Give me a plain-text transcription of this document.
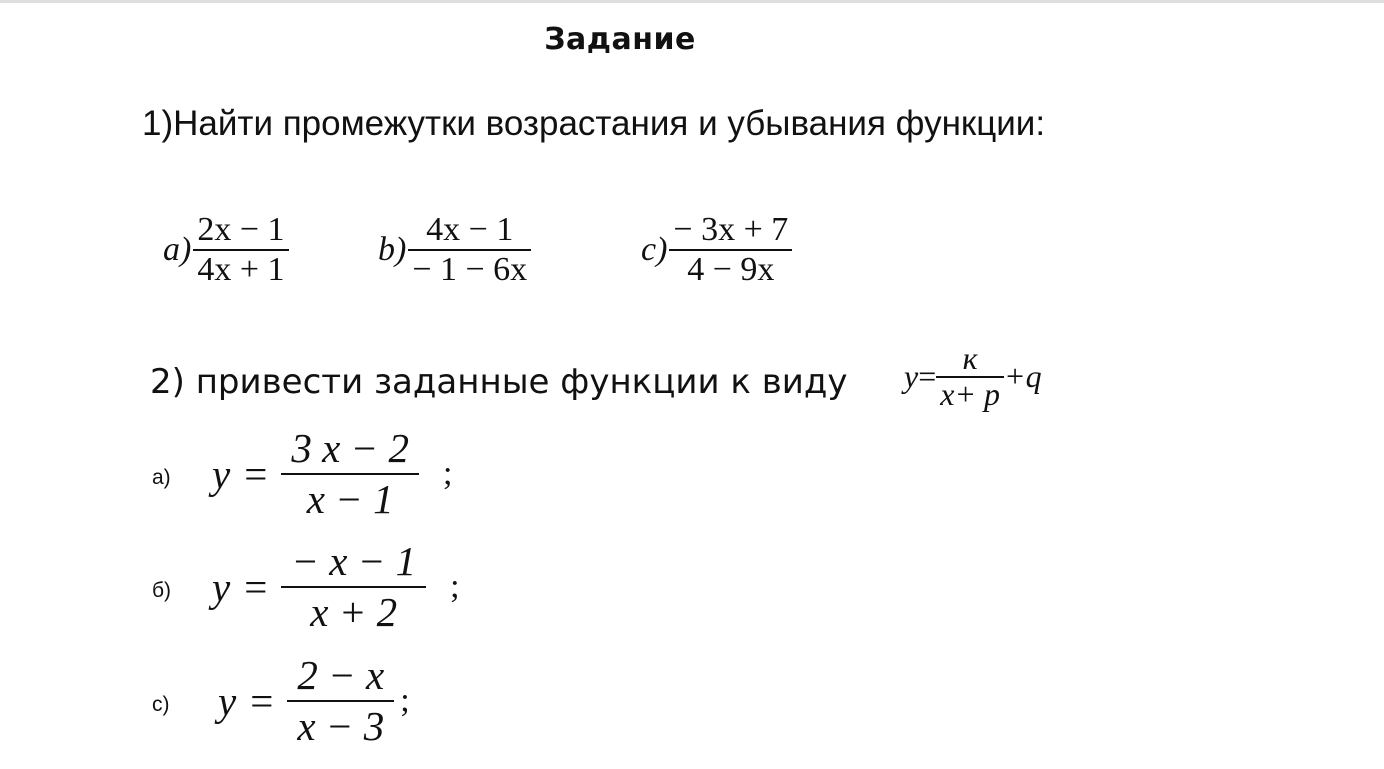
Задание
1)Найти промежутки возрастания и убывания функции:
$a) \frac{2x - 1}{4x + 1}$	$b) \frac{4x - 1}{- 1 - 6x}$	$c) \frac{- 3x + 7}{4 - 9x}$
2) привести заданные функции к виду $y = \frac{к}{x+ p} +q$
а) $y = \frac{3 x - 2}{x - 1}$ ;
б) $y = \frac{- x - 1}{x + 2}$ ;
с) $y = \frac{2 - x}{x - 3}$ ;
